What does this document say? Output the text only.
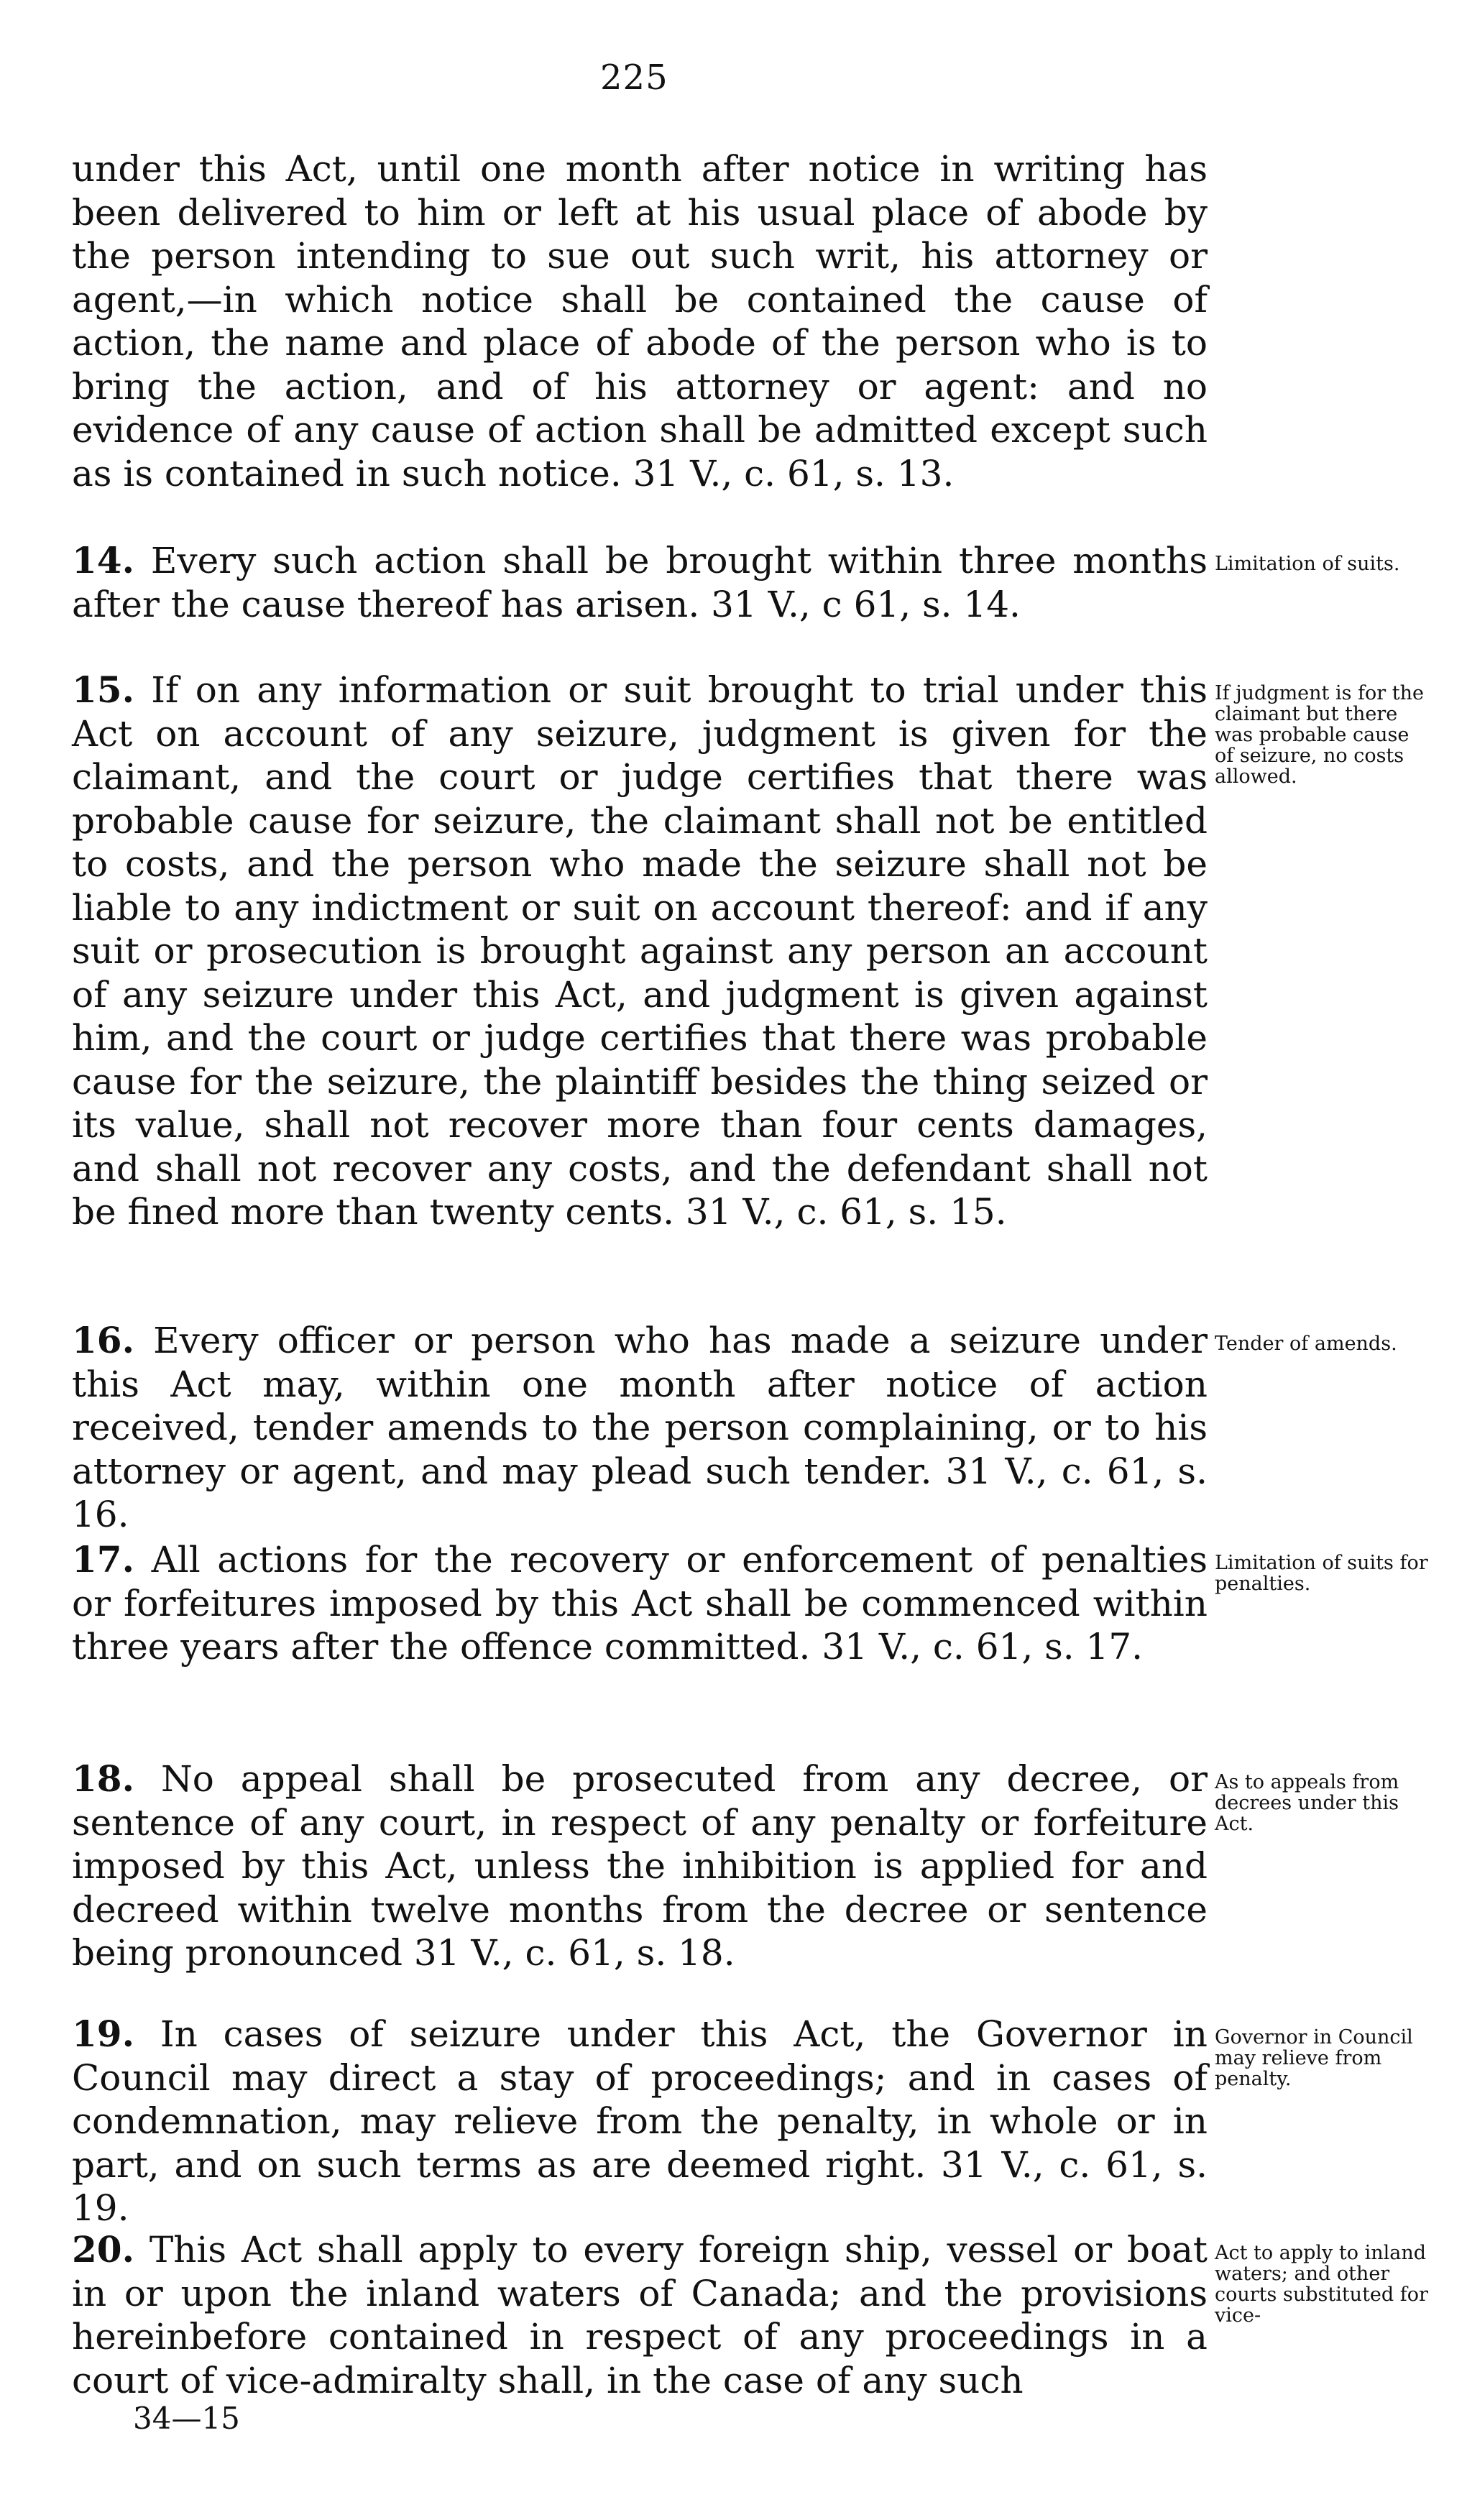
225
under this Act, until one month after notice in writing has been delivered to him or left at his usual place of abode by the person intending to sue out such writ, his attorney or agent,—in which notice shall be contained the cause of action, the name and place of abode of the person who is to bring the action, and of his attorney or agent: and no evidence of any cause of action shall be admitted except such as is contained in such notice. 31 V., c. 61, s. 13.
14. Every such action shall be brought within three months after the cause thereof has arisen. 31 V., c 61, s. 14.
Limitation of suits.
15. If on any information or suit brought to trial under this Act on account of any seizure, judgment is given for the claimant, and the court or judge certifies that there was probable cause for seizure, the claimant shall not be entitled to costs, and the person who made the seizure shall not be liable to any indictment or suit on account thereof: and if any suit or prosecution is brought against any person an account of any seizure under this Act, and judgment is given against him, and the court or judge certifies that there was probable cause for the seizure, the plaintiff besides the thing seized or its value, shall not recover more than four cents damages, and shall not recover any costs, and the defendant shall not be fined more than twenty cents. 31 V., c. 61, s. 15.
If judgment is for the claimant but there was probable cause of seizure, no costs allowed.
16. Every officer or person who has made a seizure under this Act may, within one month after notice of action received, tender amends to the person complaining, or to his attorney or agent, and may plead such tender. 31 V., c. 61, s. 16.
Tender of amends.
17. All actions for the recovery or enforcement of penalties or forfeitures imposed by this Act shall be commenced within three years after the offence committed. 31 V., c. 61, s. 17.
Limitation of suits for penalties.
18. No appeal shall be prosecuted from any decree, or sentence of any court, in respect of any penalty or forfeiture imposed by this Act, unless the inhibition is applied for and decreed within twelve months from the decree or sentence being pronounced 31 V., c. 61, s. 18.
As to appeals from decrees under this Act.
19. In cases of seizure under this Act, the Governor in Council may direct a stay of proceedings; and in cases of condemnation, may relieve from the penalty, in whole or in part, and on such terms as are deemed right. 31 V., c. 61, s. 19.
Governor in Council may relieve from penalty.
20. This Act shall apply to every foreign ship, vessel or boat in or upon the inland waters of Canada; and the provisions hereinbefore contained in respect of any proceedings in a court of vice-admiralty shall, in the case of any such
Act to apply to inland waters; and other courts substituted for vice-
34—15
